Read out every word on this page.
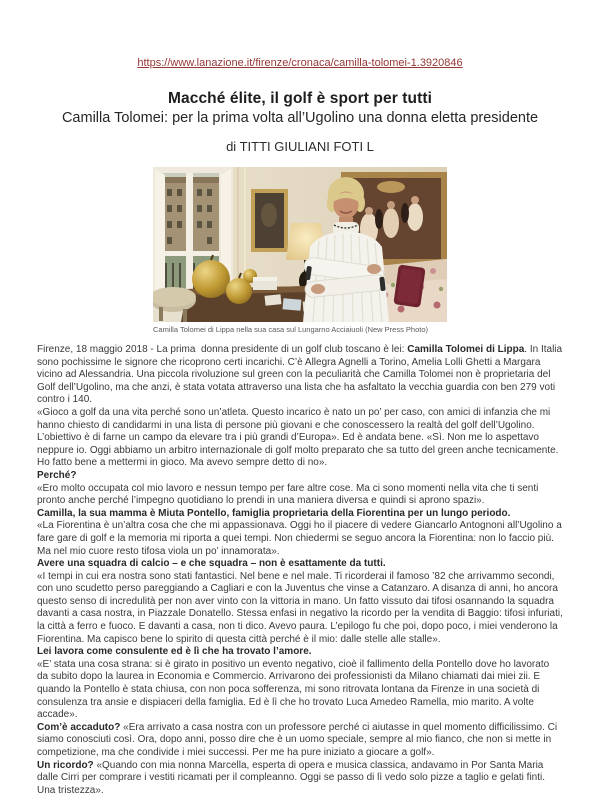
https://www.lanazione.it/firenze/cronaca/camilla-tolomei-1.3920846
Macché élite, il golf è sport per tutti
Camilla Tolomei: per la prima volta all’Ugolino una donna eletta presidente
di TITTI GIULIANI FOTI L
Camilla Tolomei di Lippa nella sua casa sul Lungarno Acciaiuoli (New Press Photo)

Firenze, 18 maggio 2018 - La prima  donna presidente di un golf club toscano è lei: Camilla Tolomei di Lippa. In Italia sono pochissime le signore che ricoprono certi incarichi. C’è Allegra Agnelli a Torino, Amelia Lolli Ghetti a Margara vicino ad Alessandria. Una piccola rivoluzione sul green con la peculiarità che Camilla Tolomei non è proprietaria del Golf dell’Ugolino, ma che anzi, è stata votata attraverso una lista che ha asfaltato la vecchia guardia con ben 279 voti contro i 140.

«Gioco a golf da una vita perché sono un’atleta. Questo incarico è nato un po’ per caso, con amici di infanzia che mi hanno chiesto di candidarmi in una lista di persone più giovani e che conoscessero la realtà del golf dell’Ugolino. L’obiettivo è di farne un campo da elevare tra i più grandi d’Europa». Ed è andata bene. «Sì. Non me lo aspettavo neppure io. Oggi abbiamo un arbitro internazionale di golf molto preparato che sa tutto del green anche tecnicamente. Ho fatto bene a mettermi in gioco. Ma avevo sempre detto di no».

Perché?

«Ero molto occupata col mio lavoro e nessun tempo per fare altre cose. Ma ci sono momenti nella vita che ti senti pronto anche perché l’impegno quotidiano lo prendi in una maniera diversa e quindi si aprono spazi».

Camilla, la sua mamma è Miuta Pontello, famiglia proprietaria della Fiorentina per un lungo periodo.

«La Fiorentina è un’altra cosa che che mi appassionava. Oggi ho il piacere di vedere Giancarlo Antognoni all’Ugolino a fare gare di golf e la memoria mi riporta a quei tempi. Non chiedermi se seguo ancora la Fiorentina: non lo faccio più. Ma nel mio cuore resto tifosa viola un po’ innamorata».

Avere una squadra di calcio – e che squadra – non è esattamente da tutti.

«I tempi in cui era nostra sono stati fantastici. Nel bene e nel male. Ti ricorderai il famoso ’82 che arrivammo secondi, con uno scudetto perso pareggiando a Cagliari e con la Juventus che vinse a Catanzaro. A disanza di anni, ho ancora questo senso di incredulità per non aver vinto con la vittoria in mano. Un fatto vissuto dai tifosi osannando la squadra davanti a casa nostra, in Piazzale Donatello. Stessa enfasi in negativo la ricordo per la vendita di Baggio: tifosi infuriati, la città a ferro e fuoco. E davanti a casa, non ti dico. Avevo paura. L’epilogo fu che poi, dopo poco, i miei venderono la Fiorentina. Ma capisco bene lo spirito di questa città perché è il mio: dalle stelle alle stalle».

Lei lavora come consulente ed è lì che ha trovato l’amore.

«E’ stata una cosa strana: si è girato in positivo un evento negativo, cioè il fallimento della Pontello dove ho lavorato da subito dopo la laurea in Economia e Commercio. Arrivarono dei professionisti da Milano chiamati dai miei zii. E quando la Pontello è stata chiusa, con non poca sofferenza, mi sono ritrovata lontana da Firenze in una società di consulenza tra ansie e dispiaceri della famiglia. Ed è lì che ho trovato Luca Amedeo Ramella, mio marito. A volte accade».

Com’è accaduto? «Era arrivato a casa nostra con un professore perché ci aiutasse in quel momento difficilissimo. Ci siamo conosciuti così. Ora, dopo anni, posso dire che è un uomo speciale, sempre al mio fianco, che non si mette in competizione, ma che condivide i miei successi. Per me ha pure iniziato a giocare a golf».

Un ricordo? «Quando con mia nonna Marcella, esperta di opera e musica classica, andavamo in Por Santa Maria dalle Cirri per comprare i vestiti ricamati per il compleanno. Oggi se passo di lì vedo solo pizze a taglio e gelati finti. Una tristezza».
